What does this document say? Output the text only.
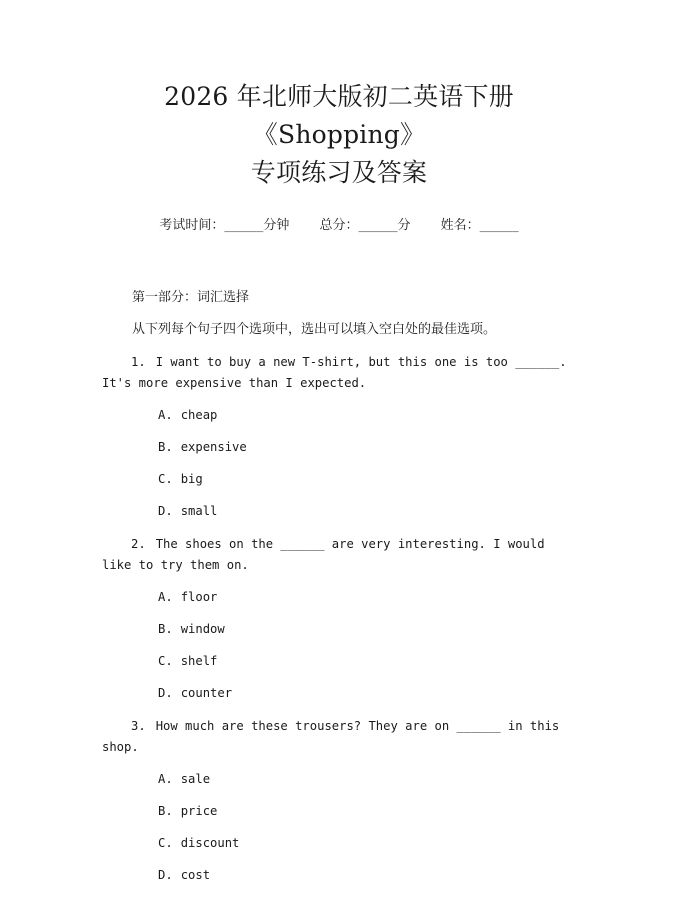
2026 年北师大版初二英语下册《Shopping》
专项练习及答案
考试时间：______分钟 总分：______分 姓名：______
第一部分：词汇选择
从下列每个句子四个选项中，选出可以填入空白处的最佳选项。
1. I want to buy a new T-shirt, but this one is too ______. It's more expensive than I expected.
A. cheap
B. expensive
C. big
D. small
2. The shoes on the ______ are very interesting. I would like to try them on.
A. floor
B. window
C. shelf
D. counter
3. How much are these trousers? They are on ______ in this shop.
A. sale
B. price
C. discount
D. cost
